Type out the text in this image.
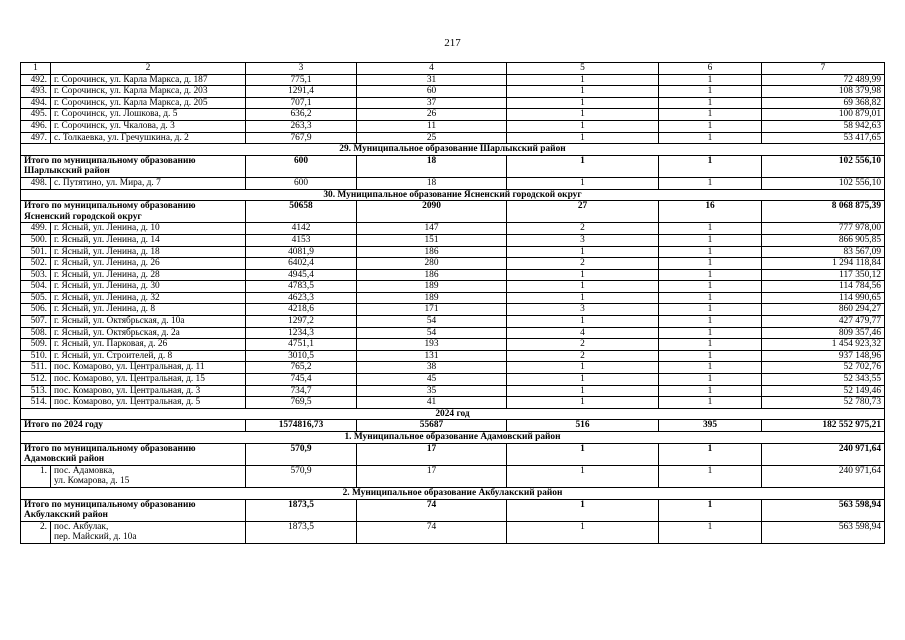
217
1	2	3	4	5	6	7
492.	г. Сорочинск, ул. Карла Маркса, д. 187	775,1	31	1	1	72 489,99
493.	г. Сорочинск, ул. Карла Маркса, д. 203	1291,4	60	1	1	108 379,98
494.	г. Сорочинск, ул. Карла Маркса, д. 205	707,1	37	1	1	69 368,82
495.	г. Сорочинск, ул. Лошкова, д. 5	636,2	26	1	1	100 879,01
496.	г. Сорочинск, ул. Чкалова, д. 3	263,3	11	1	1	58 942,63
497.	с. Толкаевка, ул. Гречушкина, д. 2	767,9	25	1	1	53 417,65
29. Муниципальное образование Шарлыкский район						
Итого по муниципальному образованию
Шарлыкский район		600	18	1	1	102 556,10
498.	с. Путятино, ул. Мира, д. 7	600	18	1	1	102 556,10
30. Муниципальное образование Ясненский городской округ						
Итого по муниципальному образованию
Ясненский городской округ		50658	2090	27	16	8 068 875,39
499.	г. Ясный, ул. Ленина, д. 10	4142	147	2	1	777 978,00
500.	г. Ясный, ул. Ленина, д. 14	4153	151	3	1	866 905,85
501.	г. Ясный, ул. Ленина, д. 18	4081,9	186	1	1	83 567,09
502.	г. Ясный, ул. Ленина, д. 26	6402,4	280	2	1	1 294 118,84
503.	г. Ясный, ул. Ленина, д. 28	4945,4	186	1	1	117 350,12
504.	г. Ясный, ул. Ленина, д. 30	4783,5	189	1	1	114 784,56
505.	г. Ясный, ул. Ленина, д. 32	4623,3	189	1	1	114 990,65
506.	г. Ясный, ул. Ленина, д. 8	4218,6	171	3	1	860 294,27
507.	г. Ясный, ул. Октябрьская, д. 10а	1297,2	54	1	1	427 479,77
508.	г. Ясный, ул. Октябрьская, д. 2а	1234,3	54	4	1	809 357,46
509.	г. Ясный, ул. Парковая, д. 26	4751,1	193	2	1	1 454 923,32
510.	г. Ясный, ул. Строителей, д. 8	3010,5	131	2	1	937 148,96
511.	пос. Комарово, ул. Центральная, д. 11	765,2	38	1	1	52 702,76
512.	пос. Комарово, ул. Центральная, д. 15	745,4	45	1	1	52 343,55
513.	пос. Комарово, ул. Центральная, д. 3	734,7	35	1	1	52 149,46
514.	пос. Комарово, ул. Центральная, д. 5	769,5	41	1	1	52 780,73
2024 год						
Итого по 2024 году		1574816,73	55687	516	395	182 552 975,21
1. Муниципальное образование Адамовский район						
Итого по муниципальному образованию
Адамовский район		570,9	17	1	1	240 971,64
1.	пос. Адамовка,
ул. Комарова, д. 15	570,9	17	1	1	240 971,64
2. Муниципальное образование Акбулакский район						
Итого по муниципальному образованию
Акбулакский район		1873,5	74	1	1	563 598,94
2.	пос. Акбулак,
пер. Майский, д. 10а	1873,5	74	1	1	563 598,94
